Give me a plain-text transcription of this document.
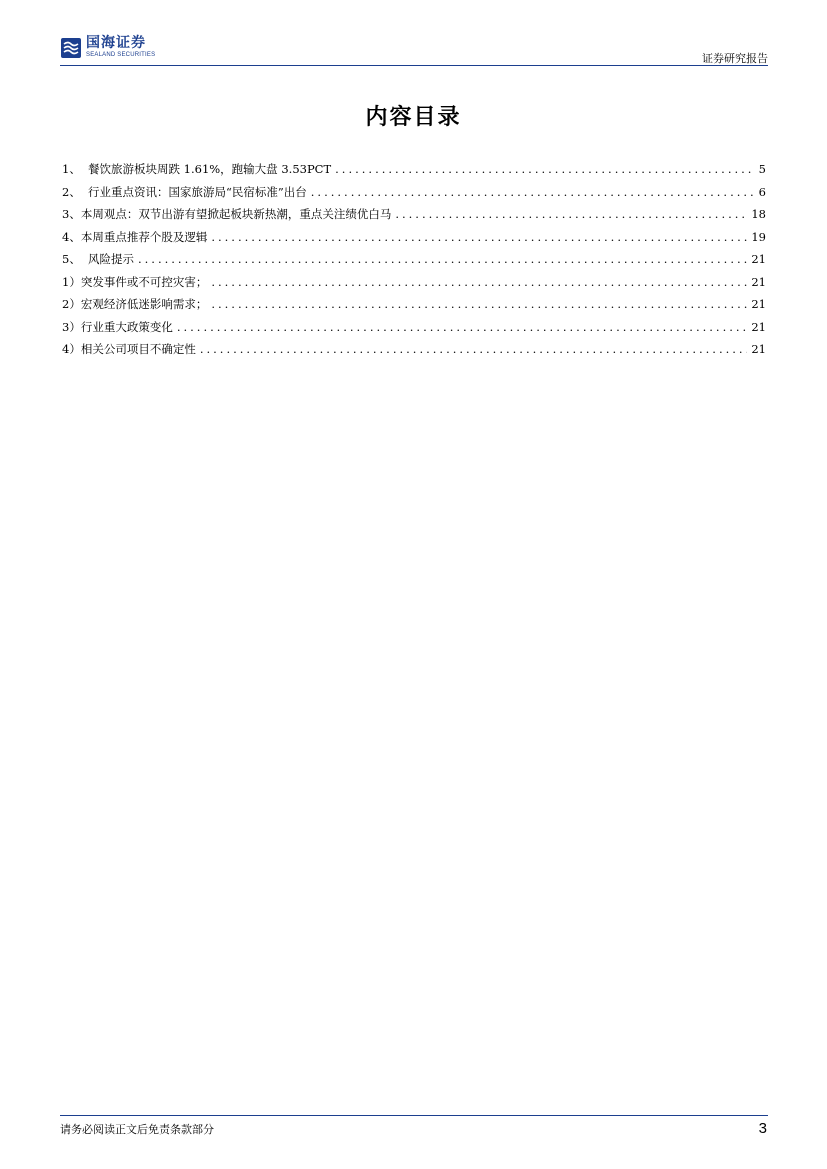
国海证券
SEALAND SECURITIES	证券研究报告
内容目录
1、 餐饮旅游板块周跌 1.61%，跑输大盘 3.53PCT .....	5
2、 行业重点资讯：国家旅游局“民宿标准”出台 .....	6
3、 本周观点：双节出游有望掀起板块新热潮，重点关注绩优白马 .....	18
4、 本周重点推荐个股及逻辑 .....	19
5、 风险提示 .....	21
1） 突发事件或不可控灾害； .....	21
2） 宏观经济低迷影响需求； .....	21
3） 行业重大政策变化 .....	21
4） 相关公司项目不确定性 .....	21
请务必阅读正文后免责条款部分	3
